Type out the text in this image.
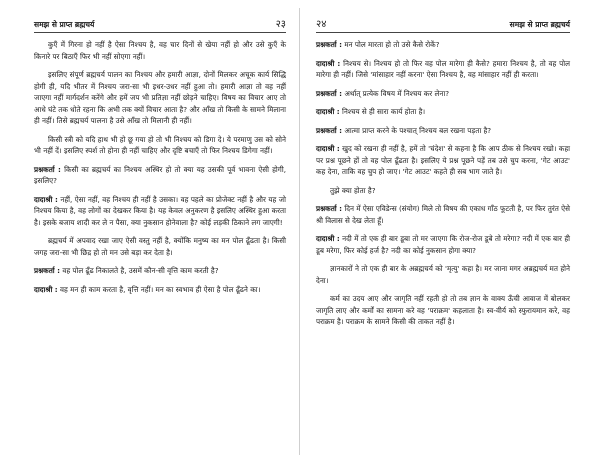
समझ से प्राप्त ब्रह्मचर्य	२३

कुएँ में गिरना हो नहीं है ऐसा निश्चय है, वह चार दिनों से खेया नहीं हो और उसे कुएँ के किनारे पर बिठाएँ फिर भी नहीं सोएगा नहीं।

इसलिए संपूर्ण ब्रह्मचर्य पालन का निश्चय और हमारी आज्ञा, दोनों मिलकर अचूक कार्य सिद्धि होगी ही, यदि भीतर में निश्चय जरा-सा भी इधर-उधर नहीं हुआ तो। हमारी आज्ञा तो वह नहीं जाएगा नहीं मार्गदर्शन करेंगे और हमें जप भी प्रतिज्ञा नहीं छोड़ने चाहिए। विषय का विचार आए तो आधे घंटे तक धोते रहना कि अभी तक क्यों विचार आता है? और आँख तो किसी के सामने मिलाना ही नहीं। तिसे ब्रह्मचर्य पालना है उसे आँख तो मिलानी ही नहीं।

किसी स्त्री को यदि हाथ भी हो छू गया हो तो भी निश्चय को डिगा दे। ये परमाणु उस को सोने भी नहीं दें। इसलिए स्पर्श तो होना ही नहीं चाहिए और दृष्टि बचाएँ तो फिर निश्चय डिगेगा नहीं।

प्रश्नकर्ता : किसी का ब्रह्मचर्य का निश्चय अस्थिर हो तो क्या यह उसकी पूर्व भावना ऐसी होगी, इसलिए?

दादाश्री : नहीं, ऐसा नहीं, वह निश्चय ही नहीं है उसका। वह पहले का प्रोजेक्ट नहीं है और यह जो निश्चय किया है, वह लोगों का देखकर किया है। यह केवल अनुकरण है इसलिए अस्थिर हुआ करता है। इसके बजाय शादी कर ले न पैसा, क्या नुकसान होनेवाला है? कोई लड़की ठिकाने लग जाएगी!

ब्रह्मचर्य में अपवाद रखा जाए ऐसी वस्तु नहीं है, क्योंकि मनुष्य का मन पोल ढूँढता है। किसी जगह जरा-सा भी छिद्र हो तो मन उसे बड़ा कर देता है।

प्रश्नकर्ता : वह पोल ढूँढ निकालते है, उसमें कौन-सी वृत्ति काम करती है?

दादाश्री : वह मन ही काम करता है, वृत्ति नहीं। मन का स्वभाव ही ऐसा है पोल ढूँढने का।

२४	समझ से प्राप्त ब्रह्मचर्य

प्रश्नकर्ता : मन पोल मारता हो तो उसे कैसे रोकें?

दादाश्री : निश्चय से। निश्चय हो तो फिर वह पोल मारेगा ही कैसे? हमारा निश्चय है, तो वह पोल मारेगा ही नहीं। जिसे 'मांसाहार नहीं करना' ऐसा निश्चय है, वह मांसाहार नहीं ही करता।

प्रश्नकर्ता : अर्थात् प्रत्येक विषय में निश्चय कर लेना?

दादाश्री : निश्चय से ही सारा कार्य होता है।

प्रश्नकर्ता : आत्मा प्राप्त करने के पश्चात् निश्चय बल रखना पड़ता है?

दादाश्री : खुद को रखना ही नहीं है, हमें तो 'चंदेश' से कहना है कि आप ठीक से निश्चय रखो। कहा पर प्रश्न पूछने हों तो वह पोल ढूँढता है। इसलिए ये प्रश्न पूछने पड़ें तब उसे चुप करना, 'गेट आउट' कह देना, ताकि वह चुप हो जाए। 'गेट आउट' कहते ही सब भाग जाते है।

तुझे क्या होता है?

प्रश्नकर्ता : दिन में ऐसा एविडेन्स (संयोग) मिले तो विषय की एकाध गाँठ फूटती है, पर फिर तुरंत ऐसे श्री विलास से देख लेता हूँ।

दादाश्री : नदी में तो एक ही बार डूबा तो मर जाएगा कि रोज-रोज डूबे तो मरेगा? नदी में एक बार ही डूब मरेगा, फिर कोई हर्ज है? नदी का कोई नुकसान होगा क्या?

ज्ञानकारों ने तो एक ही बार के अब्रह्मचर्य को 'मृत्यु' कहा है। मर जाना मगर अब्रह्मचर्य मत होने देना।

कर्म का उदय आए और जागृति नहीं रहती हो तो तब ज्ञान के वाक्य ऊँची आवाज में बोलकर जागृति लाए और कर्मों का सामना करे वह 'पराक्रम' कहलाता है। स्व-वीर्य को स्फुरायमान करे, वह पराक्रम है। पराक्रम के सामने किसी की ताकत नहीं है।
